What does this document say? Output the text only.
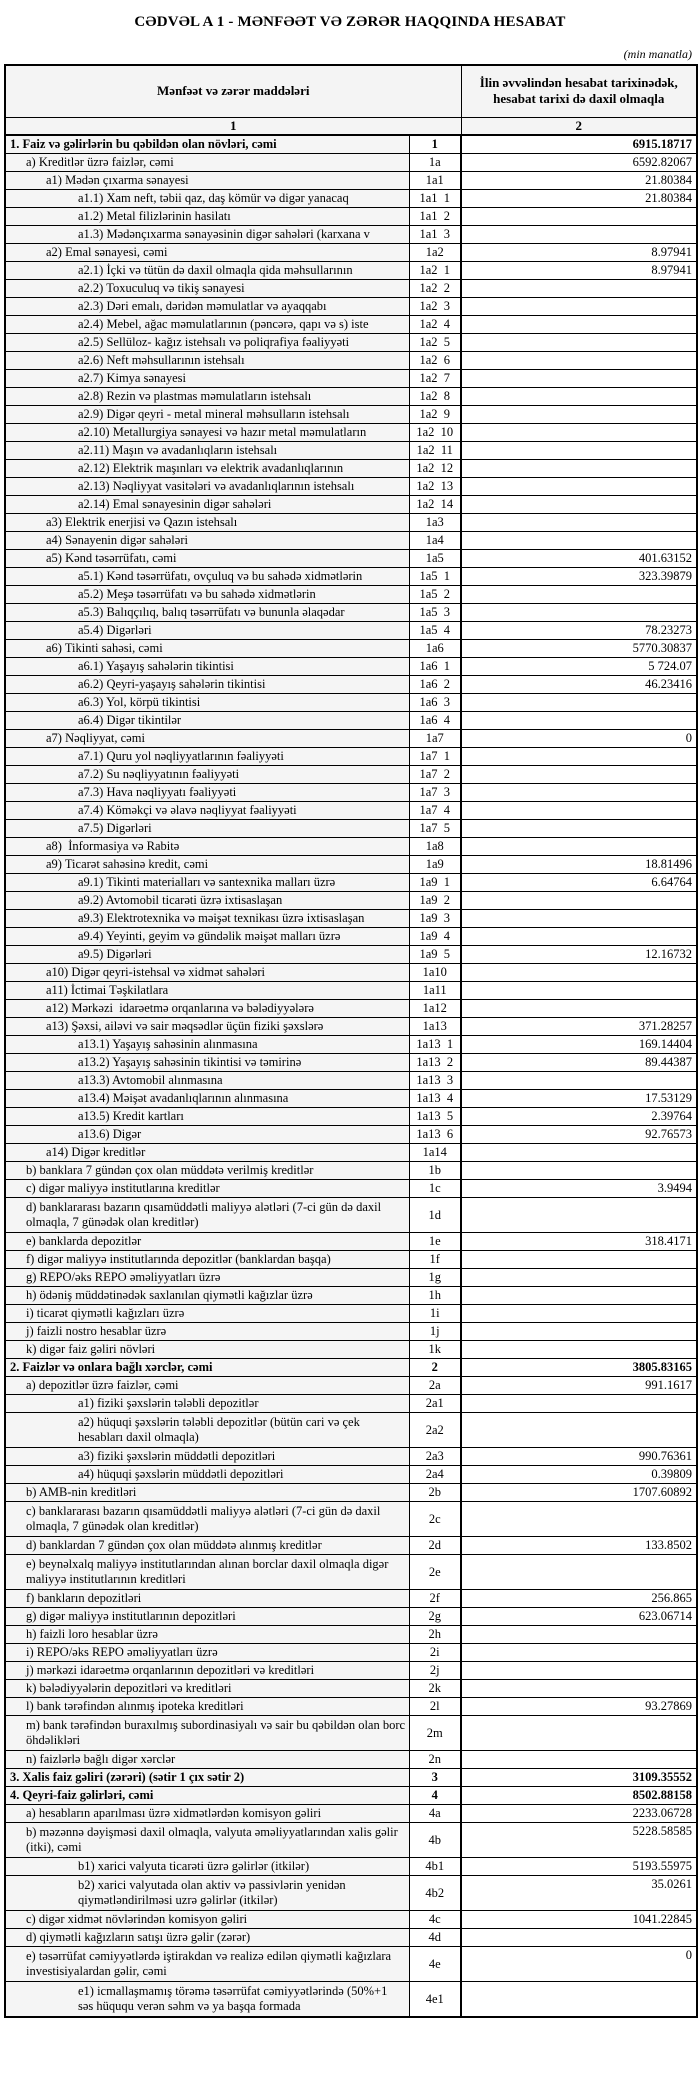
CƏDVƏL A 1 - MƏNFƏƏT VƏ ZƏRƏR HAQQINDA HESABAT
(min manatla)
Mənfəət və zərər maddələri		İlin əvvəlindən hesabat tarixinədək, hesabat tarixi də daxil olmaqla
1		2
1. Faiz və gəlirlərin bu qəbildən olan növləri, cəmi	1	6915.18717
a) Kreditlər üzrə faizlər, cəmi	1a	6592.82067
a1) Mədən çıxarma sənayesi	1a1	21.80384
a1.1) Xam neft, təbii qaz, daş kömür və digər yanacaq	1a1  1	21.80384
a1.2) Metal filizlərinin hasilatı	1a1  2	
a1.3) Mədənçıxarma sənayəsinin digər sahələri (karxana v	1a1  3	
a2) Emal sənayesi, cəmi	1a2	8.97941
a2.1) İçki və tütün də daxil olmaqla qida məhsullarının	1a2  1	8.97941
a2.2) Toxuculuq və tikiş sənayesi	1a2  2	
a2.3) Dəri emalı, dəridən məmulatlar və ayaqqabı	1a2  3	
a2.4) Mebel, ağac məmulatlarının (pəncərə, qapı və s) iste	1a2  4	
a2.5) Sellüloz- kağız istehsalı və poliqrafiya fəaliyyəti	1a2  5	
a2.6) Neft məhsullarının istehsalı	1a2  6	
a2.7) Kimya sənayesi	1a2  7	
a2.8) Rezin və plastmas məmulatların istehsalı	1a2  8	
a2.9) Digər qeyri - metal mineral məhsulların istehsalı	1a2  9	
a2.10) Metallurgiya sənayesi və hazır metal məmulatların	1a2  10	
a2.11) Maşın və avadanlıqların istehsalı	1a2  11	
a2.12) Elektrik maşınları və elektrik avadanlıqlarının	1a2  12	
a2.13) Nəqliyyat vasitələri və avadanlıqlarının istehsalı	1a2  13	
a2.14) Emal sənayesinin digər sahələri	1a2  14	
a3) Elektrik enerjisi və Qazın istehsalı	1a3	
a4) Sənayenin digər sahələri	1a4	
a5) Kənd təsərrüfatı, cəmi	1a5	401.63152
a5.1) Kənd təsərrüfatı, ovçuluq və bu sahədə xidmətlərin	1a5  1	323.39879
a5.2) Meşə təsərrüfatı və bu sahədə xidmətlərin	1a5  2	
a5.3) Balıqçılıq, balıq təsərrüfatı və bununla əlaqədar	1a5  3	
a5.4) Digərləri	1a5  4	78.23273
a6) Tikinti sahəsi, cəmi	1a6	5770.30837
a6.1) Yaşayış sahələrin tikintisi	1a6  1	5 724.07
a6.2) Qeyri-yaşayış sahələrin tikintisi	1a6  2	46.23416
a6.3) Yol, körpü tikintisi	1a6  3	
a6.4) Digər tikintilər	1a6  4	
a7) Nəqliyyat, cəmi	1a7	0
a7.1) Quru yol nəqliyyatlarının fəaliyyəti	1a7  1	
a7.2) Su nəqliyyatının fəaliyyəti	1a7  2	
a7.3) Hava nəqliyyatı fəaliyyəti	1a7  3	
a7.4) Köməkçi və əlavə nəqliyyat fəaliyyəti	1a7  4	
a7.5) Digərləri	1a7  5	
a8)  İnformasiya və Rabitə	1a8	
a9) Ticarət sahəsinə kredit, cəmi	1a9	18.81496
a9.1) Tikinti materialları və santexnika malları üzrə	1a9  1	6.64764
a9.2) Avtomobil ticarəti üzrə ixtisaslaşan	1a9  2	
a9.3) Elektrotexnika və məişət texnikası üzrə ixtisaslaşan	1a9  3	
a9.4) Yeyinti, geyim və gündəlik məişət malları üzrə	1a9  4	
a9.5) Digərləri	1a9  5	12.16732
a10) Digər qeyri-istehsal və xidmət sahələri	1a10	
a11) İctimai Təşkilatlara	1a11	
a12) Mərkəzi  idarəetmə orqanlarına və bələdiyyələrə	1a12	
a13) Şəxsi, ailəvi və sair məqsədlər üçün fiziki şəxslərə	1a13	371.28257
a13.1) Yaşayış sahəsinin alınmasına	1a13  1	169.14404
a13.2) Yaşayış sahəsinin tikintisi və təmirinə	1a13  2	89.44387
a13.3) Avtomobil alınmasına	1a13  3	
a13.4) Məişət avadanlıqlarının alınmasına	1a13  4	17.53129
a13.5) Kredit kartları	1a13  5	2.39764
a13.6) Digər	1a13  6	92.76573
a14) Digər kreditlər	1a14	
b) banklara 7 gündən çox olan müddətə verilmiş kreditlər	1b	
c) digər maliyyə institutlarına kreditlər	1c	3.9494
d) banklararası bazarın qısamüddətli maliyyə alətləri (7-ci gün də daxil olmaqla, 7 günədək olan kreditlər)	1d	
e) banklarda depozitlər	1e	318.4171
f) digər maliyyə institutlarında depozitlər (banklardan başqa)	1f	
g) REPO/əks REPO əməliyyatları üzrə	1g	
h) ödəniş müddətinədək saxlanılan qiymətli kağızlar üzrə	1h	
i) ticarət qiymətli kağızları üzrə	1i	
j) faizli nostro hesablar üzrə	1j	
k) digər faiz gəliri növləri	1k	
2. Faizlər və onlara bağlı xərclər, cəmi	2	3805.83165
a) depozitlər üzrə faizlər, cəmi	2a	991.1617
a1) fiziki şəxslərin tələbli depozitlər	2a1	
a2) hüquqi şəxslərin tələbli depozitlər (bütün cari və çek hesabları daxil olmaqla)	2a2	
a3) fiziki şəxslərin müddətli depozitləri	2a3	990.76361
a4) hüquqi şəxslərin müddətli depozitləri	2a4	0.39809
b) AMB-nin kreditləri	2b	1707.60892
c) banklararası bazarın qısamüddətli maliyyə alətləri (7-ci gün də daxil olmaqla, 7 günədək olan kreditlər)	2c	
d) banklardan 7 gündən çox olan müddətə alınmış kreditlər	2d	133.8502
e) beynəlxalq maliyyə institutlarından alınan borclar daxil olmaqla digər maliyyə institutlarının kreditləri	2e	
f) bankların depozitləri	2f	256.865
g) digər maliyyə institutlarının depozitləri	2g	623.06714
h) faizli loro hesablar üzrə	2h	
i) REPO/əks REPO əməliyyatları üzrə	2i	
j) mərkəzi idarəetmə orqanlarının depozitləri və kreditləri	2j	
k) bələdiyyələrin depozitləri və kreditləri	2k	
l) bank tərəfindən alınmış ipoteka kreditləri	2l	93.27869
m) bank tərəfindən buraxılmış subordinasiyalı və sair bu qəbildən olan borc öhdəlikləri	2m	
n) faizlərlə bağlı digər xərclər	2n	
3. Xalis faiz gəliri (zərəri) (sətir 1 çıx sətir 2)	3	3109.35552
4. Qeyri-faiz gəlirləri, cəmi	4	8502.88158
a) hesabların aparılması üzrə xidmətlərdən komisyon gəliri	4a	2233.06728
b) məzənnə dəyişməsi daxil olmaqla, valyuta əməliyyatlarından xalis gəlir (itki), cəmi	4b	5228.58585
b1) xarici valyuta ticarəti üzrə gəlirlər (itkilər)	4b1	5193.55975
b2) xarici valyutada olan aktiv və passivlərin yenidən qiymətləndirilməsi uzrə gəlirlər (itkilər)	4b2	35.0261
c) digər xidmət növlərindən komisyon gəliri	4c	1041.22845
d) qiymətli kağızların satışı üzrə gəlir (zərər)	4d	
e) təsərrüfat cəmiyyətlərdə iştirakdan və realizə edilən qiymətli kağızlara investisiyalardan gəlir, cəmi	4e	0
e1) icmallaşmamış törəmə təsərrüfat cəmiyyətlərində (50%+1 səs hüququ verən səhm və ya başqa formada	4e1	
